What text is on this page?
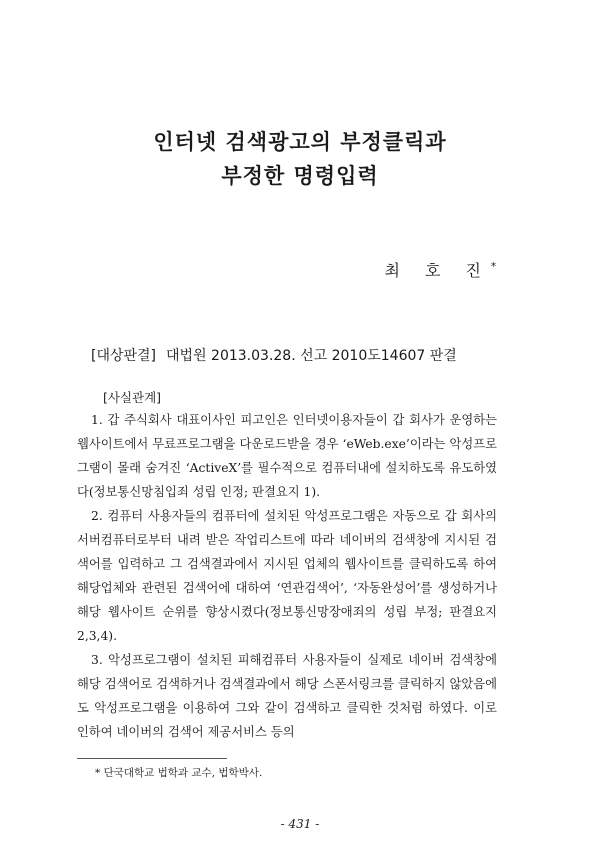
인터넷 검색광고의 부정클릭과
부정한 명령입력
최 호 진*
[대상판결] 대법원 2013.03.28. 선고 2010도14607 판결
[사실관계]

1. 갑 주식회사 대표이사인 피고인은 인터넷이용자들이 갑 회사가 운영하는 웹사이트에서 무료프로그램을 다운로드받을 경우 ‘eWeb.exe’이라는 악성프로그램이 몰래 숨겨진 ‘ActiveX’를 필수적으로 컴퓨터내에 설치하도록 유도하였다(정보통신망침입죄 성립 인정; 판결요지 1).

2. 컴퓨터 사용자들의 컴퓨터에 설치된 악성프로그램은 자동으로 갑 회사의 서버컴퓨터로부터 내려 받은 작업리스트에 따라 네이버의 검색창에 지시된 검색어를 입력하고 그 검색결과에서 지시된 업체의 웹사이트를 클릭하도록 하여 해당업체와 관련된 검색어에 대하여 ‘연관검색어’, ‘자동완성어’를 생성하거나 해당 웹사이트 순위를 향상시켰다(정보통신망장애죄의 성립 부정; 판결요지 2,3,4).

3. 악성프로그램이 설치된 피해컴퓨터 사용자들이 실제로 네이버 검색창에 해당 검색어로 검색하거나 검색결과에서 해당 스폰서링크를 클릭하지 않았음에도 악성프로그램을 이용하여 그와 같이 검색하고 클릭한 것처럼 하였다. 이로 인하여 네이버의 검색어 제공서비스 등의

* 단국대학교 법학과 교수, 법학박사.
- 431 -
